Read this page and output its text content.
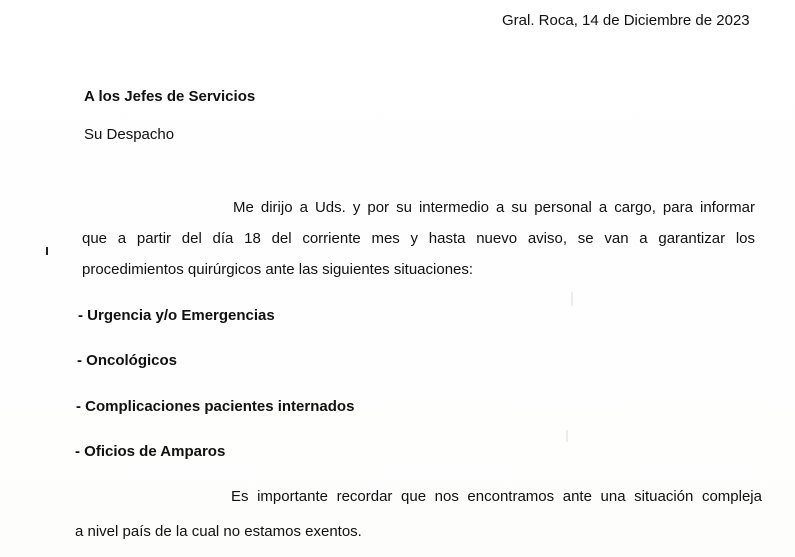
Gral. Roca, 14 de Diciembre de 2023
A los Jefes de Servicios
Su Despacho
Me dirijo a Uds. y por su intermedio a su personal a cargo, para informar
que a partir del día 18 del corriente mes y hasta nuevo aviso, se van a garantizar los
procedimientos quirúrgicos ante las siguientes situaciones:
- Urgencia y/o Emergencias
- Oncológicos
- Complicaciones pacientes internados
- Oficios de Amparos
Es importante recordar que nos encontramos ante una situación compleja
a nivel país de la cual no estamos exentos.
